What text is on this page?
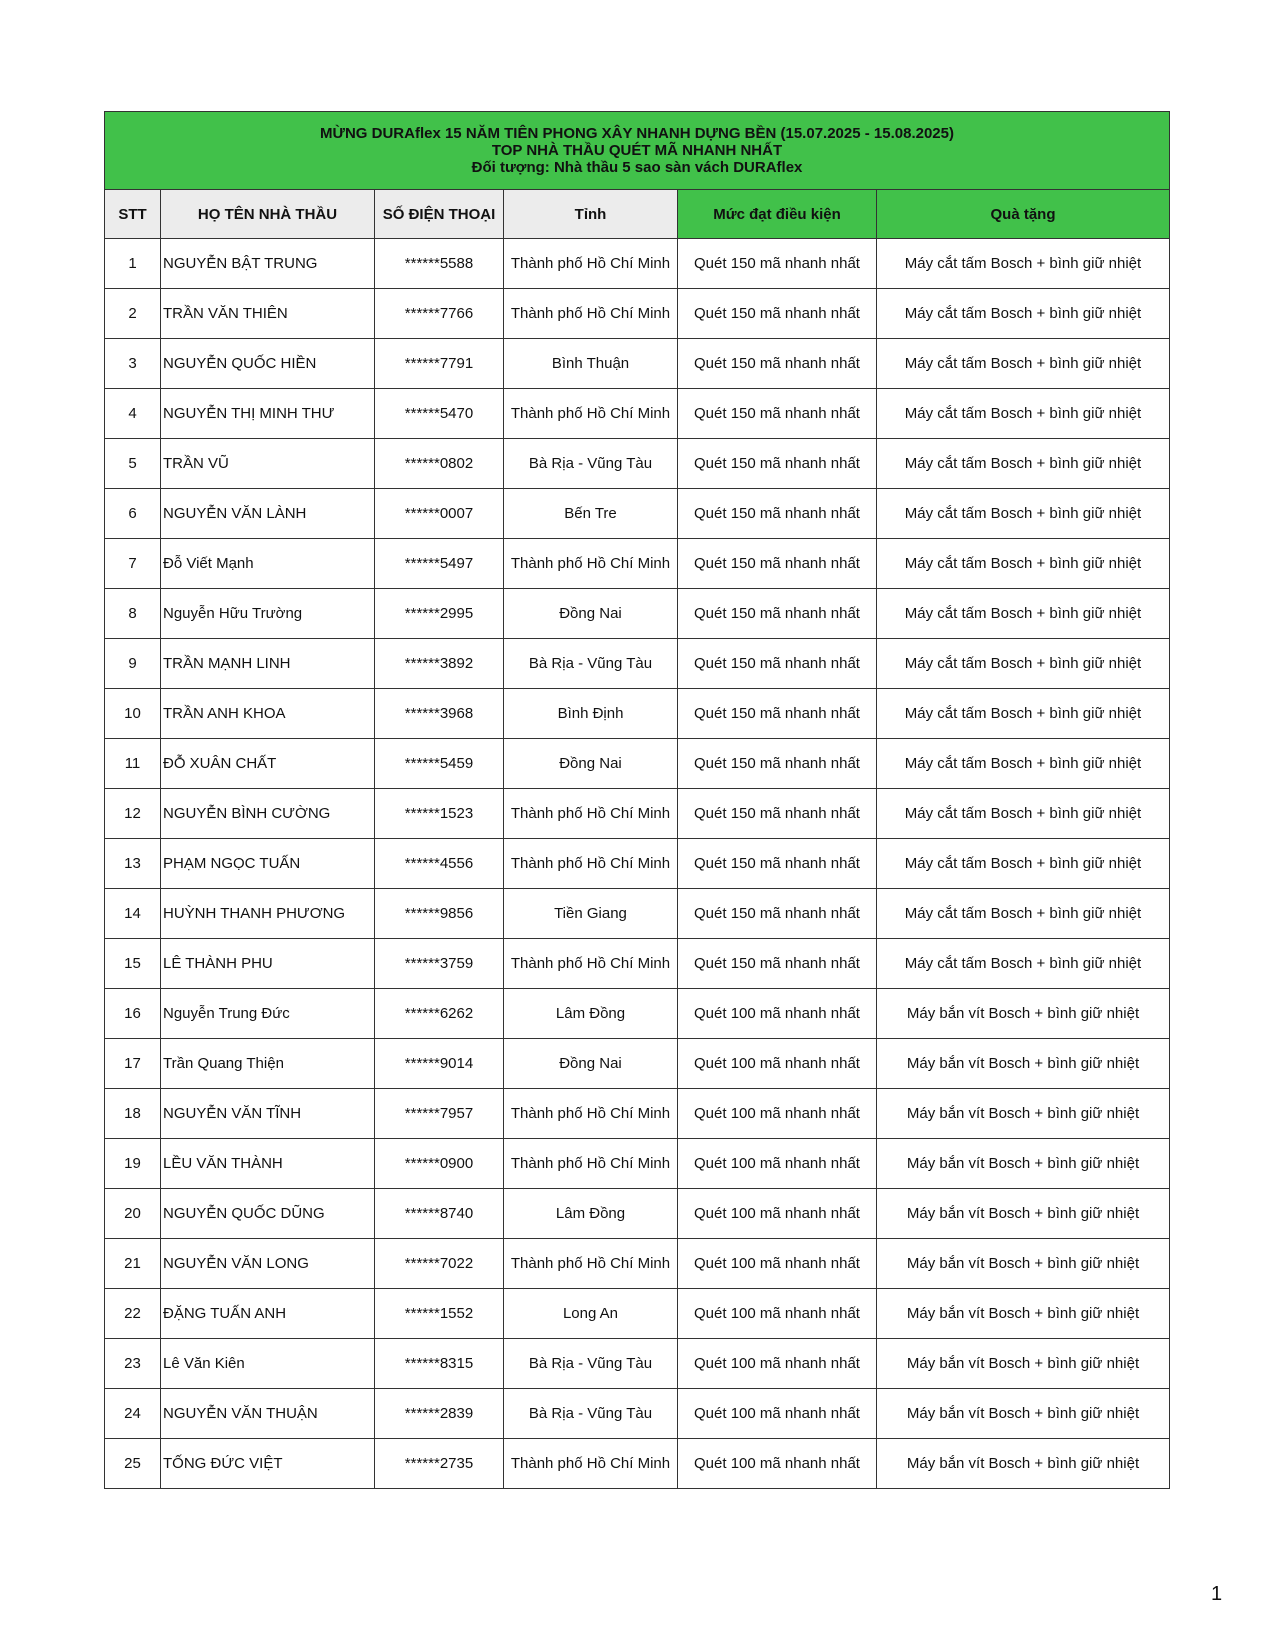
MỪNG DURAflex 15 NĂM TIÊN PHONG XÂY NHANH DỰNG BỀN (15.07.2025 - 15.08.2025)
TOP NHÀ THẦU QUÉT MÃ NHANH NHẤT
Đối tượng: Nhà thầu 5 sao sàn vách DURAflex					

STT	HỌ TÊN NHÀ THẦU	SỐ ĐIỆN THOẠI	Tỉnh	Mức đạt điều kiện	Quà tặng
1	NGUYỄN BẬT TRUNG	******5588	Thành phố Hồ Chí Minh	Quét 150 mã nhanh nhất	Máy cắt tấm Bosch + bình giữ nhiệt
2	TRẦN VĂN THIÊN	******7766	Thành phố Hồ Chí Minh	Quét 150 mã nhanh nhất	Máy cắt tấm Bosch + bình giữ nhiệt
3	NGUYỄN QUỐC HIỀN	******7791	Bình Thuận	Quét 150 mã nhanh nhất	Máy cắt tấm Bosch + bình giữ nhiệt
4	NGUYỄN THỊ MINH THƯ	******5470	Thành phố Hồ Chí Minh	Quét 150 mã nhanh nhất	Máy cắt tấm Bosch + bình giữ nhiệt
5	TRẦN VŨ	******0802	Bà Rịa - Vũng Tàu	Quét 150 mã nhanh nhất	Máy cắt tấm Bosch + bình giữ nhiệt
6	NGUYỄN VĂN LÀNH	******0007	Bến Tre	Quét 150 mã nhanh nhất	Máy cắt tấm Bosch + bình giữ nhiệt
7	Đỗ Viết Mạnh	******5497	Thành phố Hồ Chí Minh	Quét 150 mã nhanh nhất	Máy cắt tấm Bosch + bình giữ nhiệt
8	Nguyễn Hữu Trường	******2995	Đồng Nai	Quét 150 mã nhanh nhất	Máy cắt tấm Bosch + bình giữ nhiệt
9	TRẦN MẠNH LINH	******3892	Bà Rịa - Vũng Tàu	Quét 150 mã nhanh nhất	Máy cắt tấm Bosch + bình giữ nhiệt
10	TRẦN ANH KHOA	******3968	Bình Định	Quét 150 mã nhanh nhất	Máy cắt tấm Bosch + bình giữ nhiệt
11	ĐỖ XUÂN CHẤT	******5459	Đồng Nai	Quét 150 mã nhanh nhất	Máy cắt tấm Bosch + bình giữ nhiệt
12	NGUYỄN BÌNH CƯỜNG	******1523	Thành phố Hồ Chí Minh	Quét 150 mã nhanh nhất	Máy cắt tấm Bosch + bình giữ nhiệt
13	PHẠM NGỌC TUẤN	******4556	Thành phố Hồ Chí Minh	Quét 150 mã nhanh nhất	Máy cắt tấm Bosch + bình giữ nhiệt
14	HUỲNH THANH PHƯƠNG	******9856	Tiền Giang	Quét 150 mã nhanh nhất	Máy cắt tấm Bosch + bình giữ nhiệt
15	LÊ THÀNH PHU	******3759	Thành phố Hồ Chí Minh	Quét 150 mã nhanh nhất	Máy cắt tấm Bosch + bình giữ nhiệt
16	Nguyễn Trung Đức	******6262	Lâm Đồng	Quét 100 mã nhanh nhất	Máy bắn vít Bosch + bình giữ nhiệt
17	Trần Quang Thiện	******9014	Đồng Nai	Quét 100 mã nhanh nhất	Máy bắn vít Bosch + bình giữ nhiệt
18	NGUYỄN VĂN TĨNH	******7957	Thành phố Hồ Chí Minh	Quét 100 mã nhanh nhất	Máy bắn vít Bosch + bình giữ nhiệt
19	LỀU VĂN THÀNH	******0900	Thành phố Hồ Chí Minh	Quét 100 mã nhanh nhất	Máy bắn vít Bosch + bình giữ nhiệt
20	NGUYỄN QUỐC DŨNG	******8740	Lâm Đồng	Quét 100 mã nhanh nhất	Máy bắn vít Bosch + bình giữ nhiệt
21	NGUYỄN VĂN LONG	******7022	Thành phố Hồ Chí Minh	Quét 100 mã nhanh nhất	Máy bắn vít Bosch + bình giữ nhiệt
22	ĐẶNG TUẤN ANH	******1552	Long An	Quét 100 mã nhanh nhất	Máy bắn vít Bosch + bình giữ nhiệt
23	Lê Văn Kiên	******8315	Bà Rịa - Vũng Tàu	Quét 100 mã nhanh nhất	Máy bắn vít Bosch + bình giữ nhiệt
24	NGUYỄN VĂN THUẬN	******2839	Bà Rịa - Vũng Tàu	Quét 100 mã nhanh nhất	Máy bắn vít Bosch + bình giữ nhiệt
25	TỐNG ĐỨC VIỆT	******2735	Thành phố Hồ Chí Minh	Quét 100 mã nhanh nhất	Máy bắn vít Bosch + bình giữ nhiệt
1
